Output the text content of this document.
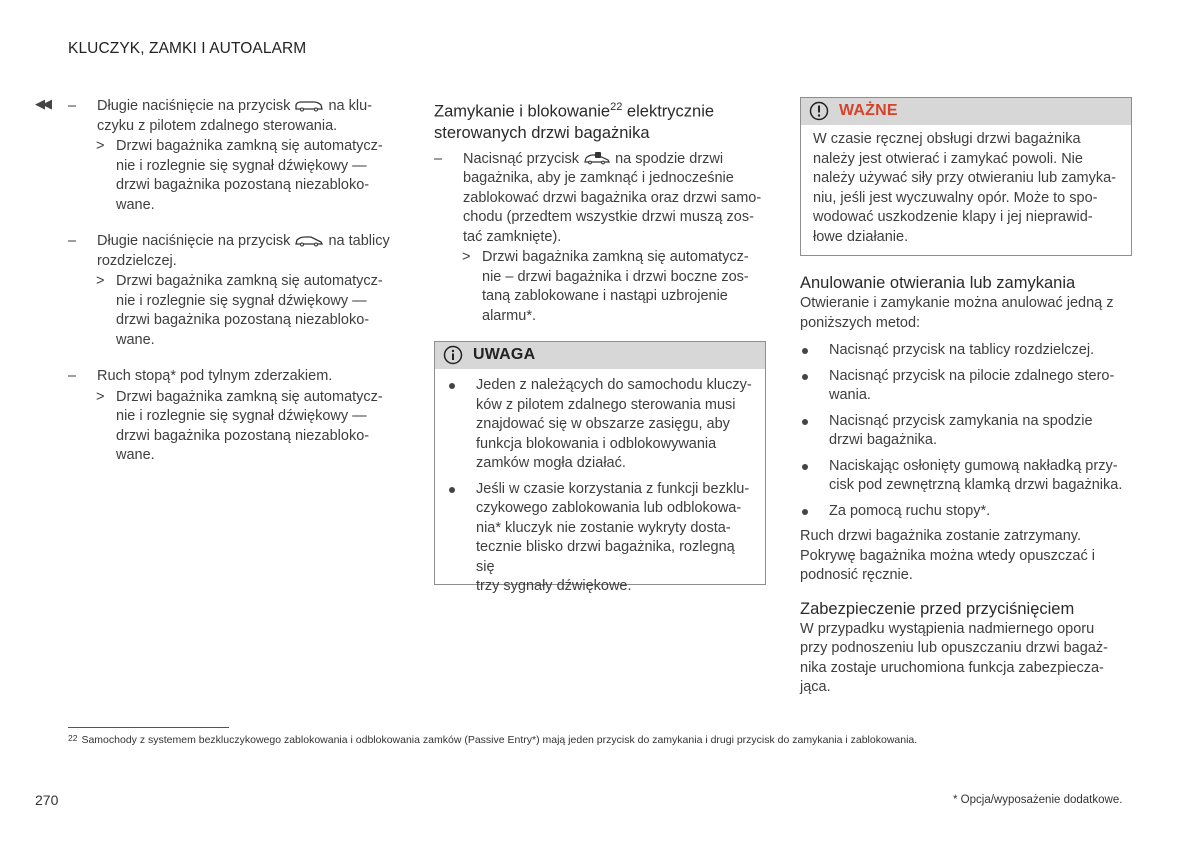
KLUCZYK, ZAMKI I AUTOALARM
◀◀ – Długie naciśnięcie na przycisk	na klu-

czyku z pilotem zdalnego sterowania.

> Drzwi bagażnika zamkną się automatycz-

nie i rozlegnie się sygnał dźwiękowy —

drzwi bagażnika pozostaną niezabloko-

wane.

– Długie naciśnięcie na przycisk	na tablicy

rozdzielczej.

> Drzwi bagażnika zamkną się automatycz-

nie i rozlegnie się sygnał dźwiękowy —

drzwi bagażnika pozostaną niezabloko-

wane.

– Ruch stopą* pod tylnym zderzakiem.

> Drzwi bagażnika zamkną się automatycz-

nie i rozlegnie się sygnał dźwiękowy —

drzwi bagażnika pozostaną niezabloko-

wane.

Zamykanie i blokowanie$^{22}$ elektrycznie
sterowanych drzwi bagażnika
– Nacisnąć przycisk na spodzie drzwi

bagażnika, aby je zamknąć i jednocześnie

zablokować drzwi bagażnika oraz drzwi samo-

chodu (przedtem wszystkie drzwi muszą zos-

tać zamknięte).

> Drzwi bagażnika zamkną się automatycz-

nie – drzwi bagażnika i drzwi boczne zos-

taną zablokowane i nastąpi uzbrojenie

alarmu*.

UWAGA

Jeden z należących do samochodu kluczy-

ków z pilotem zdalnego sterowania musi

znajdować się w obszarze zasięgu, aby

funkcja blokowania i odblokowywania

zamków mogła działać.

Jeśli w czasie korzystania z funkcji bezklu-

czykowego zablokowania lub odblokowa-

nia* kluczyk nie zostanie wykryty dosta-

tecznie blisko drzwi bagażnika, rozlegną się

trzy sygnały dźwiękowe.

WAŻNE

W czasie ręcznej obsługi drzwi bagażnika

należy jest otwierać i zamykać powoli. Nie

należy używać siły przy otwieraniu lub zamyka-

niu, jeśli jest wyczuwalny opór. Może to spo-

wodować uszkodzenie klapy i jej nieprawid-

łowe działanie.

Anulowanie otwierania lub zamykania

Otwieranie i zamykanie można anulować jedną z

poniższych metod:

Nacisnąć przycisk na tablicy rozdzielczej.

Nacisnąć przycisk na pilocie zdalnego stero-

wania.

Nacisnąć przycisk zamykania na spodzie

drzwi bagażnika.

Naciskając osłonięty gumową nakładką przy-

cisk pod zewnętrzną klamką drzwi bagażnika.

Za pomocą ruchu stopy*.

Ruch drzwi bagażnika zostanie zatrzymany.

Pokrywę bagażnika można wtedy opuszczać i

podnosić ręcznie.

Zabezpieczenie przed przyciśnięciem

W przypadku wystąpienia nadmiernego oporu

przy podnoszeniu lub opuszczaniu drzwi bagaż-

nika zostaje uruchomiona funkcja zabezpiecza-

jąca.

$^{22}$ Samochody z systemem bezkluczykowego zablokowania i odblokowania zamków (Passive Entry*) mają jeden przycisk do zamykania i drugi przycisk do zamykania i zablokowania.
270	* Opcja/wyposażenie dodatkowe.
